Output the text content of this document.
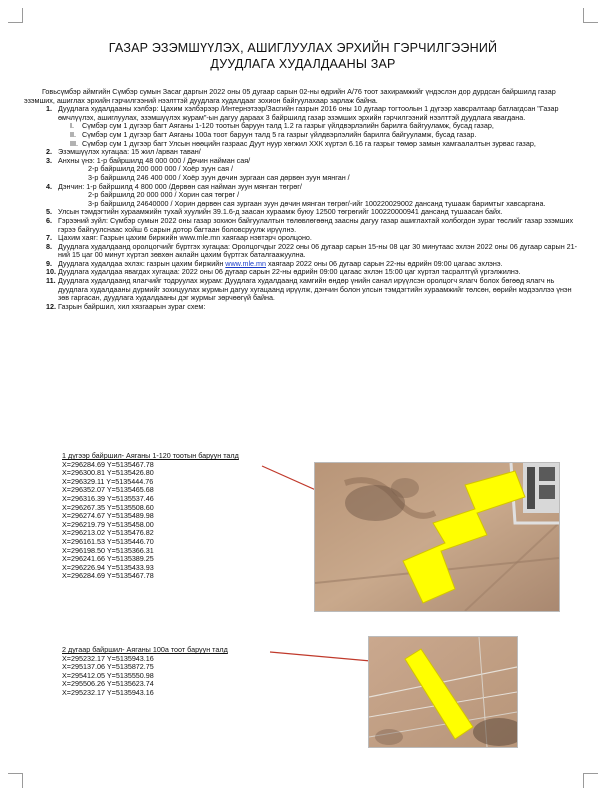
ГАЗАР ЭЗЭМШҮҮЛЭХ, АШИГЛУУЛАХ ЭРХИЙН ГЭРЧИЛГЭЭНИЙ
ДУУДЛАГА ХУДАЛДААНЫ ЗАР

Говьсүмбэр аймгийн Сүмбэр сумын Засаг даргын 2022 оны 05 дугаар сарын 02-ны өдрийн А/76 тоот захирамжийг үндэслэн дор дурдсан байршилд газар эзэмших, ашиглах эрхийн гэрчилгээний нээлттэй дуудлага худалдааг зохион байгуулахаар зарлаж байна.

1. Дуудлага худалдааны хэлбэр: Цахим хэлбэрээр /Интернэтээр/Засгийн газрын 2016 оны 10 дугаар тогтоолын 1 дүгээр хавсралтаар батлагдсан "Газар өмчлүүлэх, ашиглуулах, эзэмшүүлэх журам"-ын дагуу дараах 3 байршилд газар эзэмших эрхийн гэрчилгээний нээлттэй дуудлага явагдана.
I. Сүмбэр сум 1 дүгээр багт Аяганы 1-120 тоотын баруун талд 1.2 га газрыг үйлдвэрлэлийн барилга байгууламж, бусад газар,
II. Сүмбэр сум 1 дүгээр багт Аяганы 100а тоот баруун талд 5 га газрыг үйлдвэрлэлийн барилга байгууламж, бусад газар.
III. Сүмбэр сум 1 дүгээр багт Улсын нөөцийн газрааc Дуут нуур хөгжил ХХК хүртэл 6.16 га газрыг төмөр замын хамгаалалтын зурвас газар,
2. Эзэмшүүлэх хугацаа: 15 жил /арван таван/
3. Анхны үнэ: 1-р байршилд 48 000 000 / Дөчин найман сая/
2-р байршилд 200 000 000 / Хоёр зуун сая /
3-р байршилд 246 400 000 / Хоёр зуун дөчин зургаан сая дөрвөн зуун мянган /
4. Дэнчин: 1-р байршилд 4 800 000 /Дөрвөн сая найман зуун мянган төгрөг/
2-р байршилд 20 000 000 / Хорин сая төгрөг /
3-р байршилд 24640000 / Хорин дөрвөн сая зургаан зуун дөчин мянган төгрөг/-ийг 100220029002 дансанд тушааж баримтыг хавсаргана.
5. Улсын тэмдэгтийн хураамжийн тухай хуулийн 39.1.6-д заасан хураамж буюу 12500 төгрөгийг 100220000941 дансанд тушаасан байх.
6. Гэрээний зүйл: Сүмбэр сумын 2022 оны газар зохион байгуулалтын төлөвлөгөөнд заасны дагуу газар ашиглахтай холбогдон зураг төслийг газар эзэмших гэрээ байгуулснаас хойш 6 сарын дотор багтаан боловсруулж ирүүлнэ.
7. Цахим хаяг: Газрын цахим биржийн www.mle.mn хаягаар нэвтэрч оролцоно.
8. Дуудлага худалдаанд оролцогчийг бүртгэх хугацаа: Оролцогчдыг 2022 оны 06 дугаар сарын 15-ны 08 цаг 30 минутаас эхлэн 2022 оны 06 дугаар сарын 21-ний 15 цаг 00 минут хүртэл зөвхөн аклайн цахим бүртгэх баталгаажуулна.
9. Дуудлага худалдаа эхлэх: газрын цахим биржийн www.mle.mn хаягаар 2022 оны 06 дугаар сарын 22-ны өдрийн 09:00 цагаас эхлэнэ.
10. Дуудлага худалдаа явагдах хугацаа: 2022 оны 06 дугаар сарын 22-ны өдрийн 09:00 цагаас эхлэн 15:00 цаг хүртэл тасралтгүй үргэлжилнэ.
11. Дуудлага худалдаанд ялагчийг тодруулах журам: Дуудлага худалдаанд хамгийн өндөр үнийн санал ирүүлсэн оролцогч ялагч болох бөгөөд ялагч нь дуудлага худалдааны дүрмийг зохицуулах журмын дагуу хугацаанд ирүүлж, дэнчин болон улсын тэмдэгтийн хураамжийг төлсөн, өөрийн мэдээллээ үнэн зөв гаргасан, дуудлага худалдааны дэг журмыг зөрчөөгүй байна.
12. Газрын байршил, хил хязгаарын зураг схем:
1 дүгээр байршил- Аяганы 1-120 тоотын баруун талд
X=296284.69 Y=5135467.78
X=296300.81 Y=5135426.80
X=296329.11 Y=5135444.76
X=296352.07 Y=5135465.68
X=296316.39 Y=5135537.46
X=296267.35 Y=5135508.60
X=296274.67 Y=5135489.98
X=296219.79 Y=5135458.00
X=296213.02 Y=5135476.82
X=296161.53 Y=5135446.70
X=296198.50 Y=5135366.31
X=296241.66 Y=5135389.25
X=296226.94 Y=5135433.93
X=296284.69 Y=5135467.78
2 дугаар байршил- Аяганы 100а тоот баруун талд
X=295232.17 Y=5135943.16
X=295137.06 Y=5135872.75
X=295412.05 Y=5135550.98
X=295506.26 Y=5135623.74
X=295232.17 Y=5135943.16
